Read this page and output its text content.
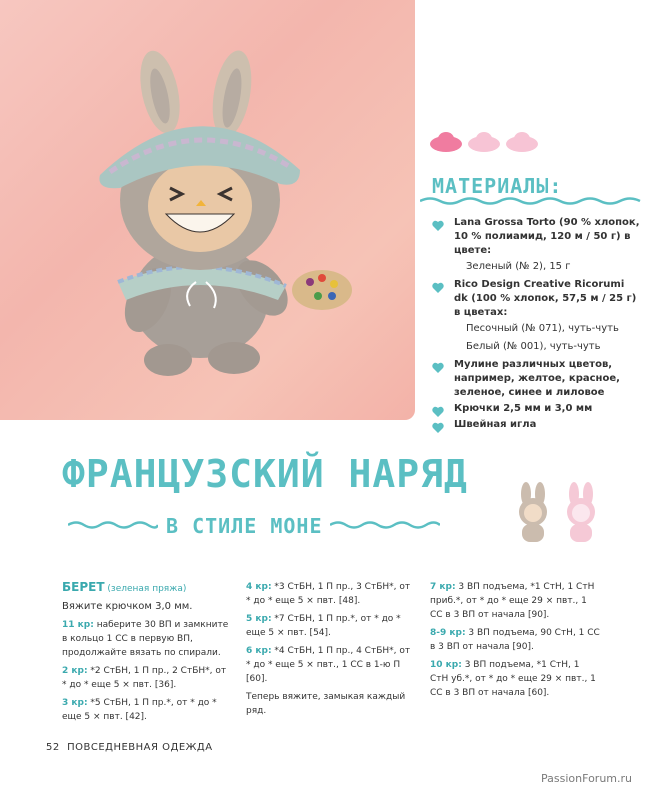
МАТЕРИАЛЫ:
Lana Grossa Torto (90 % хлопок, 10 % полиамид, 120 м / 50 г) в цвете:
Зеленый (№ 2), 15 г
Rico Design Creative Ricorumi dk (100 % хлопок, 57,5 м / 25 г) в цветах:
Песочный (№ 071), чуть-чуть
Белый (№ 001), чуть-чуть
Мулине различных цветов, например, желтое, красное, зеленое, синее и лиловое
Крючки 2,5 мм и 3,0 мм
Швейная игла
ФРАНЦУЗСКИЙ НАРЯД
В СТИЛЕ МОНЕ

БЕРЕТ (зеленая пряжа)

Вяжите крючком 3,0 мм.

11 кр: наберите 30 ВП и замкните в кольцо 1 СС в первую ВП, продолжайте вязать по спирали.

2 кр: *2 СтБН, 1 П пр., 2 СтБН*, от * до * еще 5 × пвт. [36].

3 кр: *5 СтБН, 1 П пр.*, от * до * еще 5 × пвт. [42].

4 кр: *3 СтБН, 1 П пр., 3 СтБН*, от * до * еще 5 × пвт. [48].

5 кр: *7 СтБН, 1 П пр.*, от * до * еще 5 × пвт. [54].

6 кр: *4 СтБН, 1 П пр., 4 СтБН*, от * до * еще 5 × пвт., 1 СС в 1-ю П [60].

Теперь вяжите, замыкая каждый ряд.

7 кр: 3 ВП подъема, *1 СтН, 1 СтН приб.*, от * до * еще 29 × пвт., 1 СС в 3 ВП от начала [90].

8-9 кр: 3 ВП подъема, 90 СтН, 1 СС в 3 ВП от начала [90].

10 кр: 3 ВП подъема, *1 СтН, 1 СтН уб.*, от * до * еще 29 × пвт., 1 СС в 3 ВП от начала [60].

52 ПОВСЕДНЕВНАЯ ОДЕЖДА
PassionForum.ru
